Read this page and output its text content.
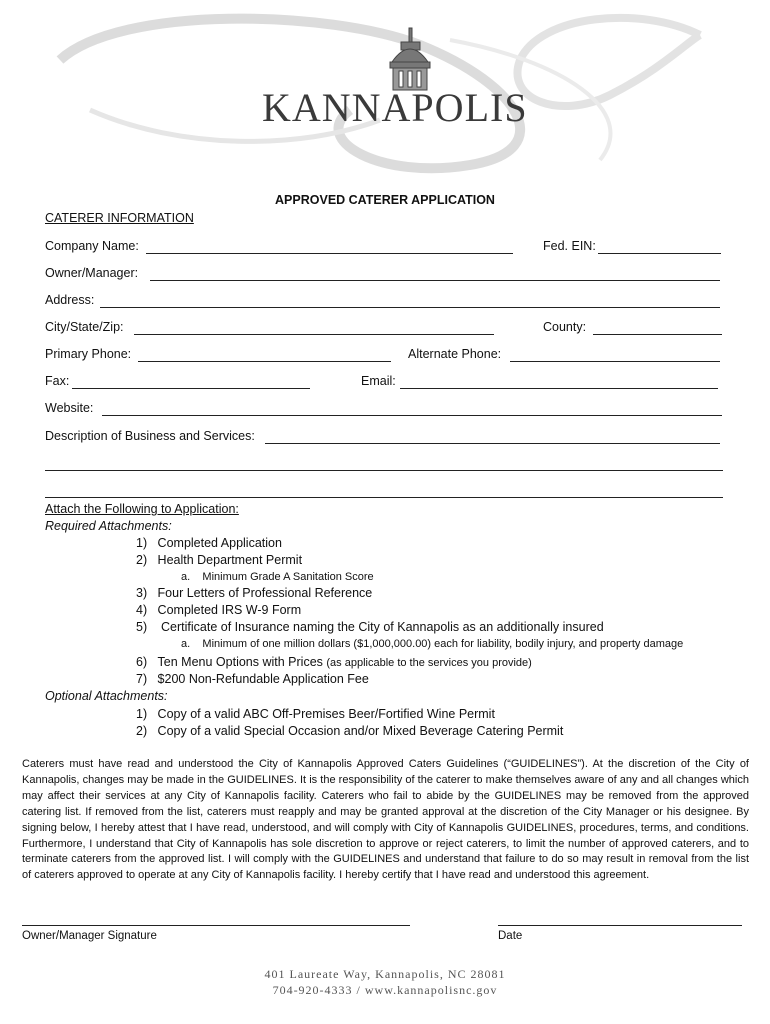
KANNAPOLIS
APPROVED CATERER APPLICATION
CATERER INFORMATION
Company Name:	Fed. EIN:
Owner/Manager:
Address:
City/State/Zip:	County:
Primary Phone:	Alternate Phone:
Fax:	Email:
Website:
Description of Business and Services:
Attach the Following to Application:
Required Attachments:
1) Completed Application
2) Health Department Permit
a. Minimum Grade A Sanitation Score
3) Four Letters of Professional Reference
4) Completed IRS W-9 Form
5) Certificate of Insurance naming the City of Kannapolis as an additionally insured
a. Minimum of one million dollars ($1,000,000.00) each for liability, bodily injury, and property damage
6) Ten Menu Options with Prices (as applicable to the services you provide)
7) $200 Non-Refundable Application Fee
Optional Attachments:
1) Copy of a valid ABC Off-Premises Beer/Fortified Wine Permit
2) Copy of a valid Special Occasion and/or Mixed Beverage Catering Permit
Caterers must have read and understood the City of Kannapolis Approved Caters Guidelines (“GUIDELINES”). At the discretion of the City of Kannapolis, changes may be made in the GUIDELINES. It is the responsibility of the caterer to make themselves aware of any and all changes which may affect their services at any City of Kannapolis facility. Caterers who fail to abide by the GUIDELINES may be removed from the approved catering list. If removed from the list, caterers must reapply and may be granted approval at the discretion of the City Manager or his designee. By signing below, I hereby attest that I have read, understood, and will comply with City of Kannapolis GUIDELINES, procedures, terms, and conditions. Furthermore, I understand that City of Kannapolis has sole discretion to approve or reject caterers, to limit the number of approved caterers, and to terminate caterers from the approved list. I will comply with the GUIDELINES and understand that failure to do so may result in removal from the list of caterers approved to operate at any City of Kannapolis facility. I hereby certify that I have read and understood this agreement.
Owner/Manager Signature	Date
401 Laureate Way, Kannapolis, NC 28081
704-920-4333 / www.kannapolisnc.gov
